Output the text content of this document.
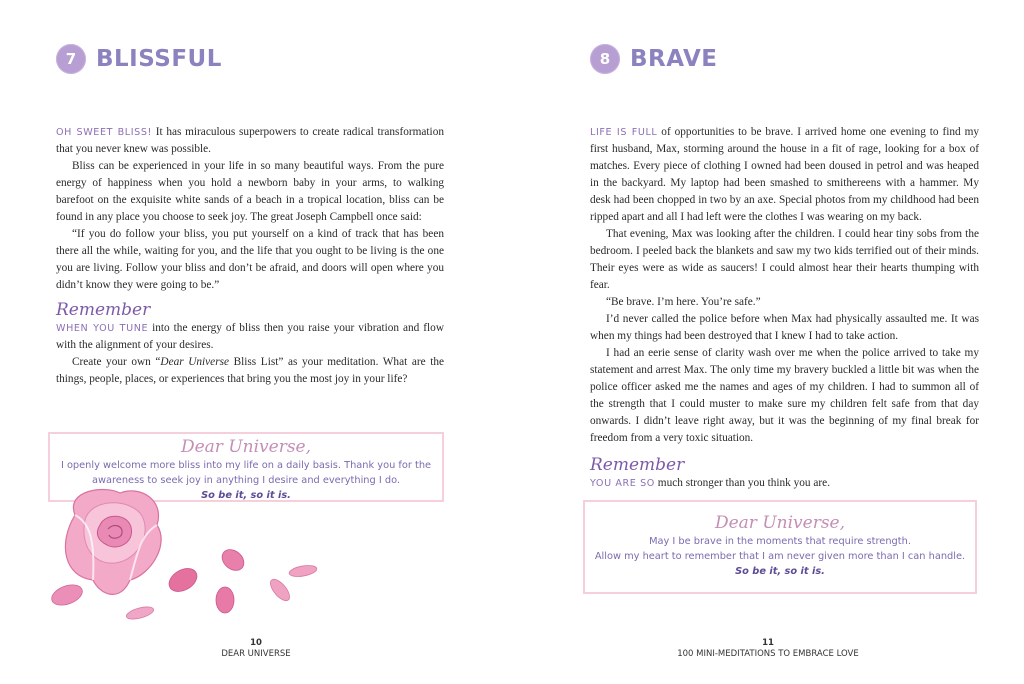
7 BLISSFUL

OH SWEET BLISS! It has miraculous superpowers to create radical transformation that you never knew was possible.

Bliss can be experienced in your life in so many beautiful ways. From the pure energy of happiness when you hold a newborn baby in your arms, to walking barefoot on the exquisite white sands of a beach in a tropical location, bliss can be found in any place you choose to seek joy. The great Joseph Campbell once said:

“If you do follow your bliss, you put yourself on a kind of track that has been there all the while, waiting for you, and the life that you ought to be living is the one you are living. Follow your bliss and don’t be afraid, and doors will open where you didn’t know they were going to be.”

Remember

WHEN YOU TUNE into the energy of bliss then you raise your vibration and flow with the alignment of your desires.

Create your own “Dear Universe Bliss List” as your meditation. What are the things, people, places, or experiences that bring you the most joy in your life?

Dear Universe,
I openly welcome more bliss into my life on a daily basis. Thank you for the
awareness to seek joy in anything I desire and everything I do.
So be it, so it is.
10
DEAR UNIVERSE
8 BRAVE

LIFE IS FULL of opportunities to be brave. I arrived home one evening to find my first husband, Max, storming around the house in a fit of rage, looking for a box of matches. Every piece of clothing I owned had been doused in petrol and was heaped in the backyard. My laptop had been smashed to smithereens with a hammer. My desk had been chopped in two by an axe. Special photos from my childhood had been ripped apart and all I had left were the clothes I was wearing on my back.

That evening, Max was looking after the children. I could hear tiny sobs from the bedroom. I peeled back the blankets and saw my two kids terrified out of their minds. Their eyes were as wide as saucers! I could almost hear their hearts thumping with fear.

“Be brave. I’m here. You’re safe.”

I’d never called the police before when Max had physically assaulted me. It was when my things had been destroyed that I knew I had to take action.

I had an eerie sense of clarity wash over me when the police arrived to take my statement and arrest Max. The only time my bravery buckled a little bit was when the police officer asked me the names and ages of my children. I had to summon all of the strength that I could muster to make sure my children felt safe from that day onwards. I didn’t leave right away, but it was the beginning of my final break for freedom from a very toxic situation.

Remember

YOU ARE SO much stronger than you think you are.

Dear Universe,
May I be brave in the moments that require strength.
Allow my heart to remember that I am never given more than I can handle.
So be it, so it is.
11
100 MINI-MEDITATIONS TO EMBRACE LOVE
